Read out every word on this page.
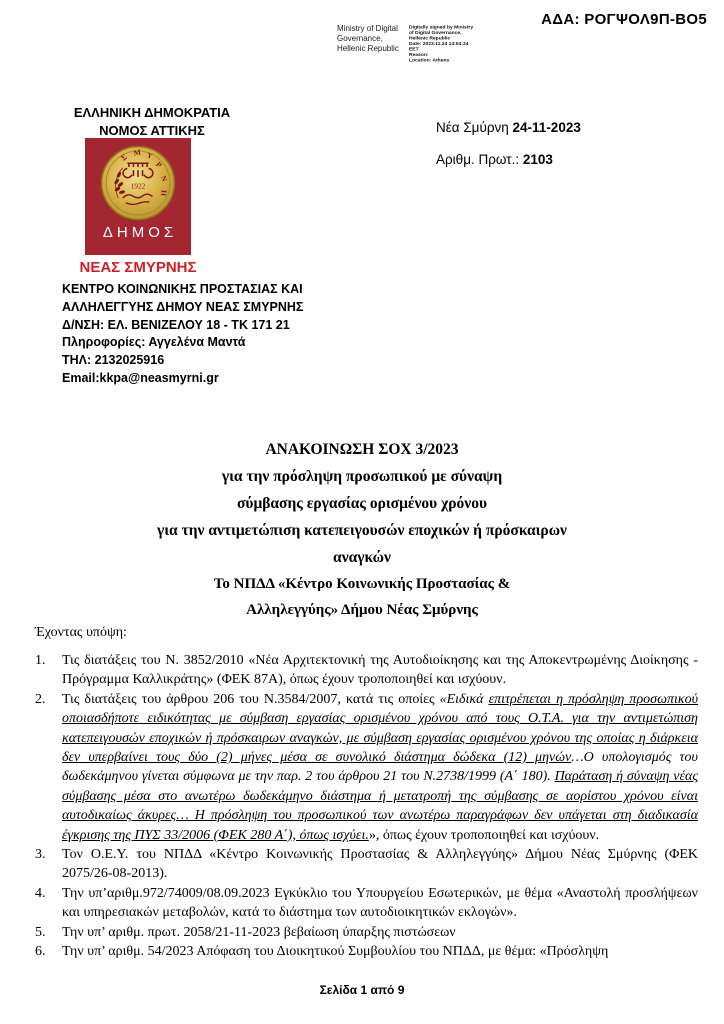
ΑΔΑ: ΡΟΓΨΟΛ9Π-ΒΟ5
Ministry of Digital
Governance,
Hellenic Republic
Digitally signed by Ministry
of Digital Governance,
Hellenic Republic
Date: 2023.11.24 14:04:24
EET
Reason:
Location: Athens
ΕΛΛΗΝΙΚΗ ΔΗΜΟΚΡΑΤΙΑ
ΝΟΜΟΣ ΑΤΤΙΚΗΣ
1922
Σ Μ Υ
Ρ
Ν
Η
ΔΗΜΟΣ
ΝΕΑΣ ΣΜΥΡΝΗΣ
Νέα Σμύρνη 24-11-2023
Αριθμ. Πρωτ.: 2103
ΚΕΝΤΡΟ ΚΟΙΝΩΝΙΚΗΣ ΠΡΟΣΤΑΣΙΑΣ ΚΑΙ
ΑΛΛΗΛΕΓΓΥΗΣ ΔΗΜΟΥ ΝΕΑΣ ΣΜΥΡΝΗΣ
Δ/ΝΣΗ: ΕΛ. ΒΕΝΙΖΕΛΟΥ 18 - ΤΚ 171 21
Πληροφορίες: Αγγελένα Μαντά
ΤΗΛ: 2132025916
Email:kkpa@neasmyrni.gr
ΑΝΑΚΟΙΝΩΣΗ ΣΟΧ 3/2023
για την πρόσληψη προσωπικού με σύναψη
σύμβασης εργασίας ορισμένου χρόνου
για την αντιμετώπιση κατεπειγουσών εποχικών ή πρόσκαιρων
αναγκών
Το ΝΠΔΔ «Κέντρο Κοινωνικής Προστασίας &
Αλληλεγγύης» Δήμου Νέας Σμύρνης
Έχοντας υπόψη:
1. Τις διατάξεις του Ν. 3852/2010 «Νέα Αρχιτεκτονική της Αυτοδιοίκησης και της Αποκεντρωμένης Διοίκησης - Πρόγραμμα Καλλικράτης» (ΦΕΚ 87Α), όπως έχουν τροποποιηθεί και ισχύουν.
2. Τις διατάξεις του άρθρου 206 του Ν.3584/2007, κατά τις οποίες «Ειδικά επιτρέπεται η πρόσληψη προσωπικού οποιασδήποτε ειδικότητας με σύμβαση εργασίας ορισμένου χρόνου από τους Ο.Τ.Α. για την αντιμετώπιση κατεπειγουσών εποχικών ή πρόσκαιρων αναγκών, με σύμβαση εργασίας ορισμένου χρόνου της οποίας η διάρκεια δεν υπερβαίνει τους δύο (2) μήνες μέσα σε συνολικό διάστημα δώδεκα (12) μηνών…Ο υπολογισμός του δωδεκάμηνου γίνεται σύμφωνα με την παρ. 2 του άρθρου 21 του Ν.2738/1999 (Α΄ 180). Παράταση ή σύναψη νέας σύμβασης μέσα στο ανωτέρω δωδεκάμηνο διάστημα ή μετατροπή της σύμβασης σε αορίστου χρόνου είναι αυτοδικαίως άκυρες… Η πρόσληψη του προσωπικού των ανωτέρω παραγράφων δεν υπάγεται στη διαδικασία έγκρισης της ΠΥΣ 33/2006 (ΦΕΚ 280 Α΄), όπως ισχύει.», όπως έχουν τροποποιηθεί και ισχύουν.
3. Τον Ο.Ε.Υ. του ΝΠΔΔ «Κέντρο Κοινωνικής Προστασίας & Αλληλεγγύης» Δήμου Νέας Σμύρνης (ΦΕΚ 2075/26-08-2013).
4. Την υπ’αριθμ.972/74009/08.09.2023 Εγκύκλιο του Υπουργείου Εσωτερικών, με θέμα «Αναστολή προσλήψεων και υπηρεσιακών μεταβολών, κατά το διάστημα των αυτοδιοικητικών εκλογών».
5. Την υπ’ αριθμ. πρωτ. 2058/21-11-2023 βεβαίωση ύπαρξης πιστώσεων
6. Την υπ’ αριθμ. 54/2023 Απόφαση του Διοικητικού Συμβουλίου του ΝΠΔΔ, με θέμα: «Πρόσληψη
Σελίδα 1 από 9
